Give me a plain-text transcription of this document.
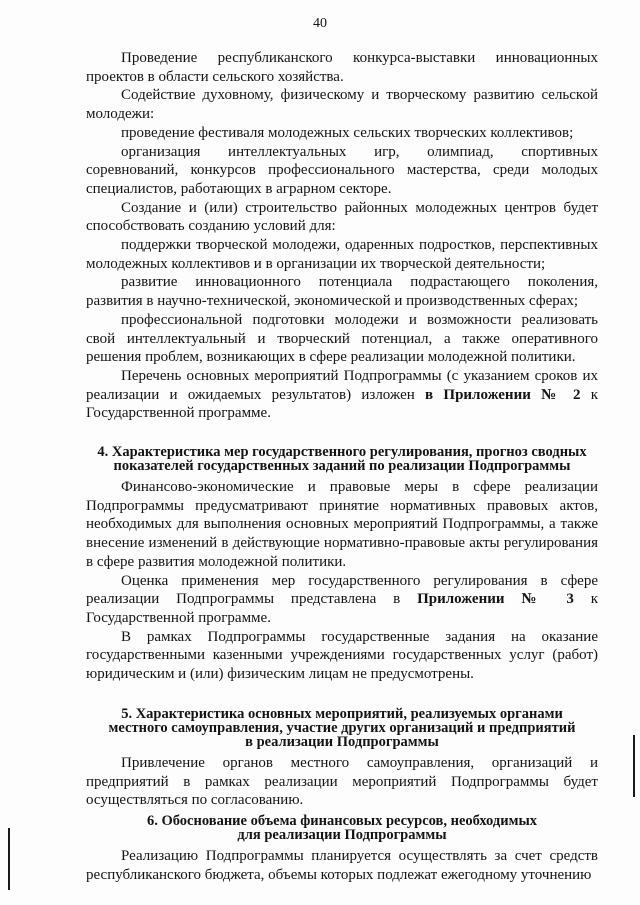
40

Проведение республиканского конкурса-выставки инновационных проектов в области сельского хозяйства.

Содействие духовному, физическому и творческому развитию сельской молодежи:

проведение фестиваля молодежных сельских творческих коллективов;

организация интеллектуальных игр, олимпиад, спортивных соревнований, конкурсов профессионального мастерства, среди молодых специалистов, работающих в аграрном секторе.

Создание и (или) строительство районных молодежных центров будет способствовать созданию условий для:

поддержки творческой молодежи, одаренных подростков, перспективных молодежных коллективов и в организации их творческой деятельности;

развитие инновационного потенциала подрастающего поколения, развития в научно-технической, экономической и производственных сферах;

профессиональной подготовки молодежи и возможности реализовать свой интеллектуальный и творческий потенциал, а также оперативного решения проблем, возникающих в сфере реализации молодежной политики.

Перечень основных мероприятий Подпрограммы (с указанием сроков их реализации и ожидаемых результатов) изложен в Приложении № 2 к Государственной программе.

4. Характеристика мер государственного регулирования, прогноз сводных
показателей государственных заданий по реализации Подпрограммы

Финансово-экономические и правовые меры в сфере реализации Подпрограммы предусматривают принятие нормативных правовых актов, необходимых для выполнения основных мероприятий Подпрограммы, а также внесение изменений в действующие нормативно-правовые акты регулирования в сфере развития молодежной политики.

Оценка применения мер государственного регулирования в сфере реализации Подпрограммы представлена в Приложении № 3 к Государственной программе.

В рамках Подпрограммы государственные задания на оказание государственными казенными учреждениями государственных услуг (работ) юридическим и (или) физическим лицам не предусмотрены.

5. Характеристика основных мероприятий, реализуемых органами
местного самоуправления, участие других организаций и предприятий
в реализации Подпрограммы

Привлечение органов местного самоуправления, организаций и предприятий в рамках реализации мероприятий Подпрограммы будет осуществляться по согласованию.

6. Обоснование объема финансовых ресурсов, необходимых
для реализации Подпрограммы

Реализацию Подпрограммы планируется осуществлять за счет средств республиканского бюджета, объемы которых подлежат ежегодному уточнению
